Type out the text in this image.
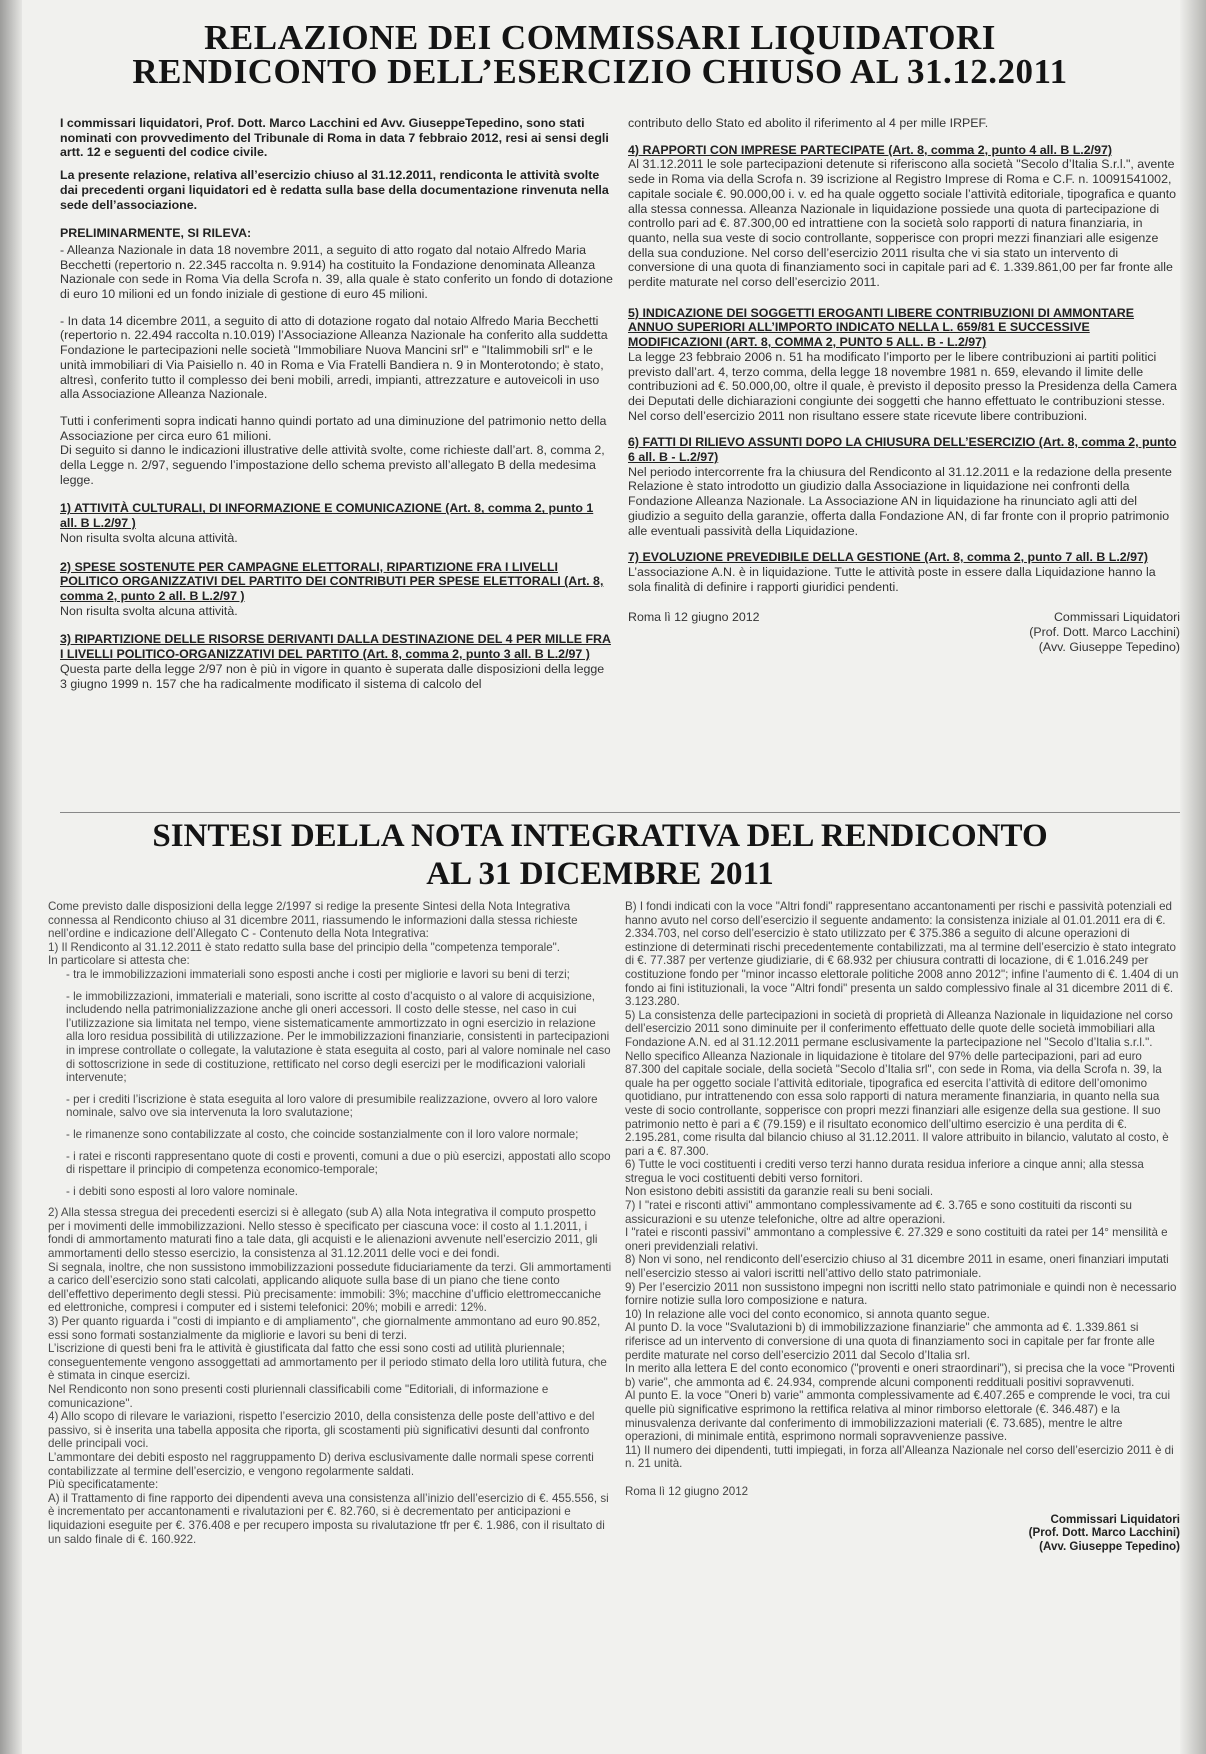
RELAZIONE DEI COMMISSARI LIQUIDATORI
RENDICONTO DELL’ESERCIZIO CHIUSO AL 31.12.2011

I commissari liquidatori, Prof. Dott. Marco Lacchini ed Avv. GiuseppeTepedino, sono stati nominati con provvedimento del Tribunale di Roma in data 7 febbraio 2012, resi ai sensi degli artt. 12 e seguenti del codice civile.

La presente relazione, relativa all’esercizio chiuso al 31.12.2011, rendiconta le attività svolte dai precedenti organi liquidatori ed è redatta sulla base della documentazione rinvenuta nella sede dell’associazione.

PRELIMINARMENTE, SI RILEVA:

- Alleanza Nazionale in data 18 novembre 2011, a seguito di atto rogato dal notaio Alfredo Maria Becchetti (repertorio n. 22.345 raccolta n. 9.914) ha costituito la Fondazione denominata Alleanza Nazionale con sede in Roma Via della Scrofa n. 39, alla quale è stato conferito un fondo di dotazione di euro 10 milioni ed un fondo iniziale di gestione di euro 45 milioni.

- In data 14 dicembre 2011, a seguito di atto di dotazione rogato dal notaio Alfredo Maria Becchetti (repertorio n. 22.494 raccolta n.10.019) l’Associazione Alleanza Nazionale ha conferito alla suddetta Fondazione le partecipazioni nelle società "Immobiliare Nuova Mancini srl" e "Italimmobili srl" e le unità immobiliari di Via Paisiello n. 40 in Roma e Via Fratelli Bandiera n. 9 in Monterotondo; è stato, altresì, conferito tutto il complesso dei beni mobili, arredi, impianti, attrezzature e autoveicoli in uso alla Associazione Alleanza Nazionale.

Tutti i conferimenti sopra indicati hanno quindi portato ad una diminuzione del patrimonio netto della Associazione per circa euro 61 milioni.

Di seguito si danno le indicazioni illustrative delle attività svolte, come richieste dall’art. 8, comma 2, della Legge n. 2/97, seguendo l’impostazione dello schema previsto all’allegato B della medesima legge.

1) ATTIVITÀ CULTURALI, DI INFORMAZIONE E COMUNICAZIONE (Art. 8, comma 2, punto 1 all. B L.2/97 )

Non risulta svolta alcuna attività.

2) SPESE SOSTENUTE PER CAMPAGNE ELETTORALI, RIPARTIZIONE FRA I LIVELLI POLITICO ORGANIZZATIVI DEL PARTITO DEI CONTRIBUTI PER SPESE ELETTORALI (Art. 8, comma 2, punto 2 all. B L.2/97 )

Non risulta svolta alcuna attività.

3) RIPARTIZIONE DELLE RISORSE DERIVANTI DALLA DESTINAZIONE DEL 4 PER MILLE FRA I LIVELLI POLITICO-ORGANIZZATIVI DEL PARTITO (Art. 8, comma 2, punto 3 all. B L.2/97 )

Questa parte della legge 2/97 non è più in vigore in quanto è superata dalle disposizioni della legge 3 giugno 1999 n. 157 che ha radicalmente modificato il sistema di calcolo del

contributo dello Stato ed abolito il riferimento al 4 per mille IRPEF.

4) RAPPORTI CON IMPRESE PARTECIPATE (Art. 8, comma 2, punto 4 all. B L.2/97)

Al 31.12.2011 le sole partecipazioni detenute si riferiscono alla società "Secolo d’Italia S.r.l.", avente sede in Roma via della Scrofa n. 39 iscrizione al Registro Imprese di Roma e C.F. n. 10091541002, capitale sociale €. 90.000,00 i. v. ed ha quale oggetto sociale l’attività editoriale, tipografica e quanto alla stessa connessa. Alleanza Nazionale in liquidazione possiede una quota di partecipazione di controllo pari ad €. 87.300,00 ed intrattiene con la società solo rapporti di natura finanziaria, in quanto, nella sua veste di socio controllante, sopperisce con propri mezzi finanziari alle esigenze della sua conduzione. Nel corso dell’esercizio 2011 risulta che vi sia stato un intervento di conversione di una quota di finanziamento soci in capitale pari ad €. 1.339.861,00 per far fronte alle perdite maturate nel corso dell’esercizio 2011.

5) INDICAZIONE DEI SOGGETTI EROGANTI LIBERE CONTRIBUZIONI DI AMMONTARE ANNUO SUPERIORI ALL’IMPORTO INDICATO NELLA L. 659/81 E SUCCESSIVE MODIFICAZIONI (ART. 8, COMMA 2, PUNTO 5 ALL. B - L.2/97)

La legge 23 febbraio 2006 n. 51 ha modificato l’importo per le libere contribuzioni ai partiti politici previsto dall’art. 4, terzo comma, della legge 18 novembre 1981 n. 659, elevando il limite delle contribuzioni ad €. 50.000,00, oltre il quale, è previsto il deposito presso la Presidenza della Camera dei Deputati delle dichiarazioni congiunte dei soggetti che hanno effettuato le contribuzioni stesse. Nel corso dell’esercizio 2011 non risultano essere state ricevute libere contribuzioni.

6) FATTI DI RILIEVO ASSUNTI DOPO LA CHIUSURA DELL’ESERCIZIO (Art. 8, comma 2, punto 6 all. B - L.2/97)

Nel periodo intercorrente fra la chiusura del Rendiconto al 31.12.2011 e la redazione della presente Relazione è stato introdotto un giudizio dalla Associazione in liquidazione nei confronti della Fondazione Alleanza Nazionale. La Associazione AN in liquidazione ha rinunciato agli atti del giudizio a seguito della garanzie, offerta dalla Fondazione AN, di far fronte con il proprio patrimonio alle eventuali passività della Liquidazione.

7) EVOLUZIONE PREVEDIBILE DELLA GESTIONE (Art. 8, comma 2, punto 7 all. B L.2/97)

L’associazione A.N. è in liquidazione. Tutte le attività poste in essere dalla Liquidazione hanno la sola finalità di definire i rapporti giuridici pendenti.

Roma lì 12 giugno 2012	Commissari Liquidatori
(Prof. Dott. Marco Lacchini)
(Avv. Giuseppe Tepedino)
SINTESI DELLA NOTA INTEGRATIVA DEL RENDICONTO
AL 31 DICEMBRE 2011

Come previsto dalle disposizioni della legge 2/1997 si redige la presente Sintesi della Nota Integrativa connessa al Rendiconto chiuso al 31 dicembre 2011, riassumendo le informazioni dalla stessa richieste nell’ordine e indicazione dell’Allegato C - Contenuto della Nota Integrativa:

1) Il Rendiconto al 31.12.2011 è stato redatto sulla base del principio della "competenza temporale".

In particolare si attesta che:

- tra le immobilizzazioni immateriali sono esposti anche i costi per migliorie e lavori su beni di terzi;

- le immobilizzazioni, immateriali e materiali, sono iscritte al costo d’acquisto o al valore di acquisizione, includendo nella patrimonializzazione anche gli oneri accessori. Il costo delle stesse, nel caso in cui l’utilizzazione sia limitata nel tempo, viene sistematicamente ammortizzato in ogni esercizio in relazione alla loro residua possibilità di utilizzazione. Per le immobilizzazioni finanziarie, consistenti in partecipazioni in imprese controllate o collegate, la valutazione è stata eseguita al costo, pari al valore nominale nel caso di sottoscrizione in sede di costituzione, rettificato nel corso degli esercizi per le modificazioni valoriali intervenute;

- per i crediti l’iscrizione è stata eseguita al loro valore di presumibile realizzazione, ovvero al loro valore nominale, salvo ove sia intervenuta la loro svalutazione;

- le rimanenze sono contabilizzate al costo, che coincide sostanzialmente con il loro valore normale;

- i ratei e risconti rappresentano quote di costi e proventi, comuni a due o più esercizi, appostati allo scopo di rispettare il principio di competenza economico-temporale;

- i debiti sono esposti al loro valore nominale.

2) Alla stessa stregua dei precedenti esercizi si è allegato (sub A) alla Nota integrativa il computo prospetto per i movimenti delle immobilizzazioni. Nello stesso è specificato per ciascuna voce: il costo al 1.1.2011, i fondi di ammortamento maturati fino a tale data, gli acquisti e le alienazioni avvenute nell’esercizio 2011, gli ammortamenti dello stesso esercizio, la consistenza al 31.12.2011 delle voci e dei fondi.

Si segnala, inoltre, che non sussistono immobilizzazioni possedute fiduciariamente da terzi. Gli ammortamenti a carico dell’esercizio sono stati calcolati, applicando aliquote sulla base di un piano che tiene conto dell’effettivo deperimento degli stessi. Più precisamente: immobili: 3%; macchine d’ufficio elettromeccaniche ed elettroniche, compresi i computer ed i sistemi telefonici: 20%; mobili e arredi: 12%.

3) Per quanto riguarda i "costi di impianto e di ampliamento", che giornalmente ammontano ad euro 90.852, essi sono formati sostanzialmente da migliorie e lavori su beni di terzi.

L’iscrizione di questi beni fra le attività è giustificata dal fatto che essi sono costi ad utilità pluriennale; conseguentemente vengono assoggettati ad ammortamento per il periodo stimato della loro utilità futura, che è stimata in cinque esercizi.

Nel Rendiconto non sono presenti costi pluriennali classificabili come "Editoriali, di informazione e comunicazione".

4) Allo scopo di rilevare le variazioni, rispetto l’esercizio 2010, della consistenza delle poste dell’attivo e del passivo, si è inserita una tabella apposita che riporta, gli scostamenti più significativi desunti dal confronto delle principali voci.

L’ammontare dei debiti esposto nel raggruppamento D) deriva esclusivamente dalle normali spese correnti contabilizzate al termine dell’esercizio, e vengono regolarmente saldati.

Più specificatamente:

A) il Trattamento di fine rapporto dei dipendenti aveva una consistenza all’inizio dell’esercizio di €. 455.556, si è incrementato per accantonamenti e rivalutazioni per €. 82.760, si è decrementato per anticipazioni e liquidazioni eseguite per €. 376.408 e per recupero imposta su rivalutazione tfr per €. 1.986, con il risultato di un saldo finale di €. 160.922.

B) I fondi indicati con la voce "Altri fondi" rappresentano accantonamenti per rischi e passività potenziali ed hanno avuto nel corso dell’esercizio il seguente andamento: la consistenza iniziale al 01.01.2011 era di €. 2.334.703, nel corso dell’esercizio è stato utilizzato per € 375.386 a seguito di alcune operazioni di estinzione di determinati rischi precedentemente contabilizzati, ma al termine dell’esercizio è stato integrato di €. 77.387 per vertenze giudiziarie, di € 68.932 per chiusura contratti di locazione, di € 1.016.249 per costituzione fondo per "minor incasso elettorale politiche 2008 anno 2012"; infine l’aumento di €. 1.404 di un fondo ai fini istituzionali, la voce "Altri fondi" presenta un saldo complessivo finale al 31 dicembre 2011 di €. 3.123.280.

5) La consistenza delle partecipazioni in società di proprietà di Alleanza Nazionale in liquidazione nel corso dell’esercizio 2011 sono diminuite per il conferimento effettuato delle quote delle società immobiliari alla Fondazione A.N. ed al 31.12.2011 permane esclusivamente la partecipazione nel "Secolo d’Italia s.r.l.".

Nello specifico Alleanza Nazionale in liquidazione è titolare del 97% delle partecipazioni, pari ad euro 87.300 del capitale sociale, della società "Secolo d’Italia srl", con sede in Roma, via della Scrofa n. 39, la quale ha per oggetto sociale l’attività editoriale, tipografica ed esercita l’attività di editore dell’omonimo quotidiano, pur intrattenendo con essa solo rapporti di natura meramente finanziaria, in quanto nella sua veste di socio controllante, sopperisce con propri mezzi finanziari alle esigenze della sua gestione. Il suo patrimonio netto è pari a € (79.159) e il risultato economico dell’ultimo esercizio è una perdita di €. 2.195.281, come risulta dal bilancio chiuso al 31.12.2011. Il valore attribuito in bilancio, valutato al costo, è pari a €. 87.300.

6) Tutte le voci costituenti i crediti verso terzi hanno durata residua inferiore a cinque anni; alla stessa stregua le voci costituenti debiti verso fornitori.

Non esistono debiti assistiti da garanzie reali su beni sociali.

7) I "ratei e risconti attivi" ammontano complessivamente ad €. 3.765 e sono costituiti da risconti su assicurazioni e su utenze telefoniche, oltre ad altre operazioni.

I "ratei e risconti passivi" ammontano a complessive €. 27.329 e sono costituiti da ratei per 14° mensilità e oneri previdenziali relativi.

8) Non vi sono, nel rendiconto dell’esercizio chiuso al 31 dicembre 2011 in esame, oneri finanziari imputati nell’esercizio stesso ai valori iscritti nell’attivo dello stato patrimoniale.

9) Per l’esercizio 2011 non sussistono impegni non iscritti nello stato patrimoniale e quindi non è necessario fornire notizie sulla loro composizione e natura.

10) In relazione alle voci del conto economico, si annota quanto segue.

Al punto D. la voce "Svalutazioni b) di immobilizzazione finanziarie" che ammonta ad €. 1.339.861 si riferisce ad un intervento di conversione di una quota di finanziamento soci in capitale per far fronte alle perdite maturate nel corso dell’esercizio 2011 dal Secolo d’Italia srl.

In merito alla lettera E del conto economico ("proventi e oneri straordinari"), si precisa che la voce "Proventi b) varie", che ammonta ad €. 24.934, comprende alcuni componenti reddituali positivi sopravvenuti.

Al punto E. la voce "Oneri b) varie" ammonta complessivamente ad €.407.265 e comprende le voci, tra cui quelle più significative esprimono la rettifica relativa al minor rimborso elettorale (€. 346.487) e la minusvalenza derivante dal conferimento di immobilizzazioni materiali (€. 73.685), mentre le altre operazioni, di minimale entità, esprimono normali sopravvenienze passive.

11) Il numero dei dipendenti, tutti impiegati, in forza all’Alleanza Nazionale nel corso dell’esercizio 2011 è di n. 21 unità.

Roma lì 12 giugno 2012
Commissari Liquidatori
(Prof. Dott. Marco Lacchini)
(Avv. Giuseppe Tepedino)
